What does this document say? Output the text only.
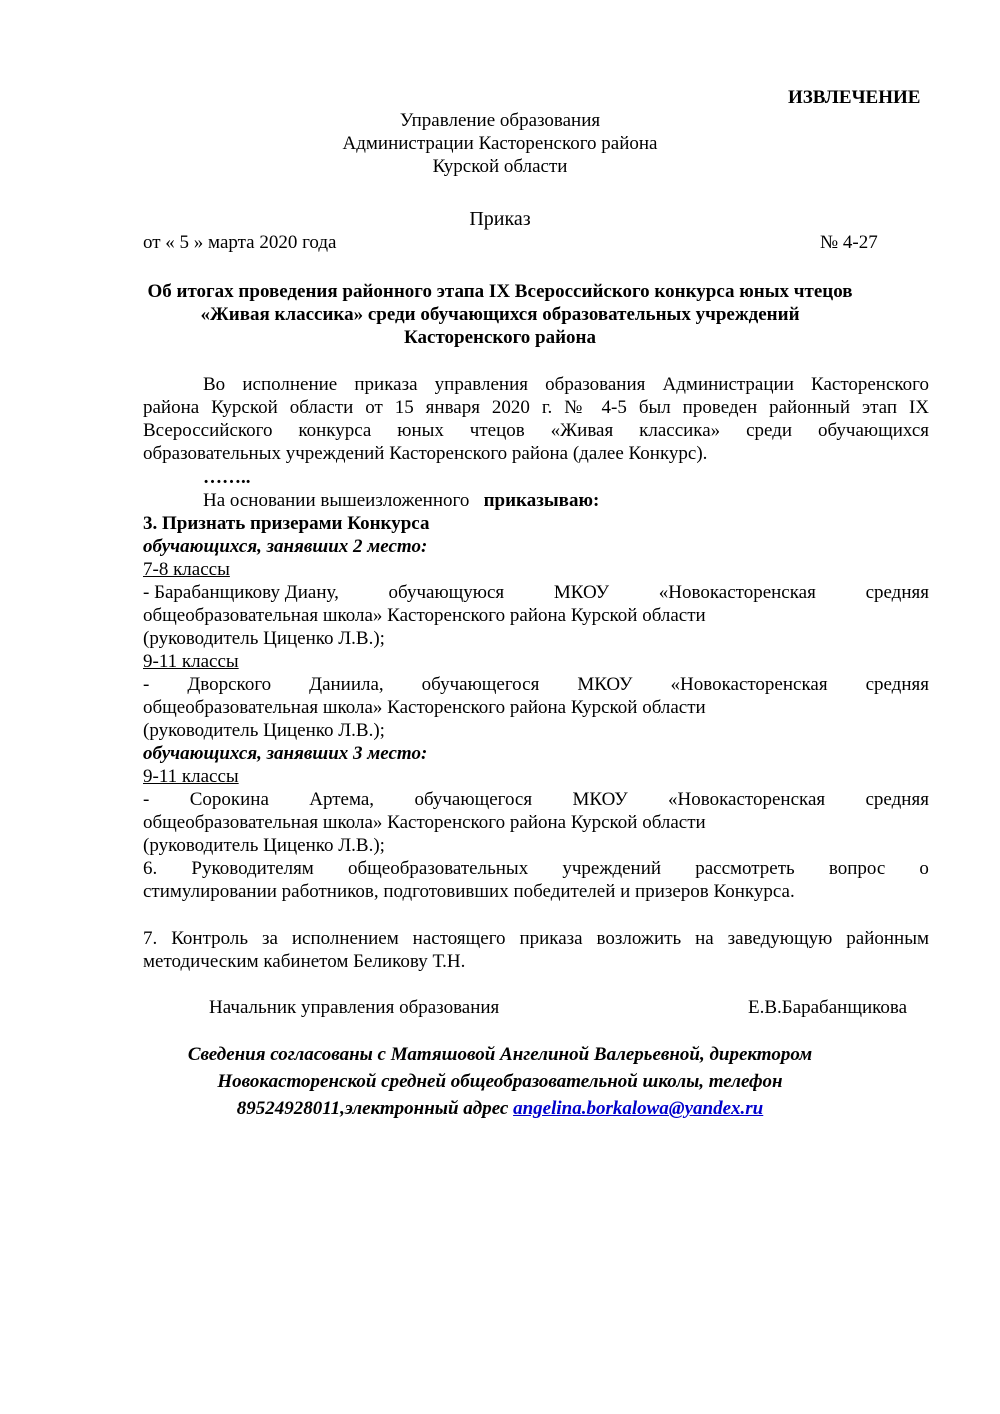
ИЗВЛЕЧЕНИЕ
Управление образования
Администрации Касторенского района
Курской области
Приказ
от « 5 » марта 2020 года	№ 4-27
Об итогах проведения районного этапа IX Всероссийского конкурса юных чтецов
«Живая классика» среди обучающихся образовательных учреждений
Касторенского района
Во исполнение приказа управления образования Администрации Касторенского
района Курской области от 15 января 2020 г. № 4-5 был проведен районный этап IX
Всероссийского конкурса юных чтецов «Живая классика» среди обучающихся
образовательных учреждений Касторенского района (далее Конкурс).
……..
На основании вышеизложенного приказываю:
3. Признать призерами Конкурса
обучающихся, занявших 2 место:
7-8 классы
- Барабанщикову Диану,	обучающуюся	МКОУ	«Новокасторенская	средняя
общеобразовательная школа» Касторенского района Курской области
(руководитель Циценко Л.В.);
9-11 классы
- Дворского Даниила, обучающегося МКОУ «Новокасторенская средняя
общеобразовательная школа» Касторенского района Курской области
(руководитель Циценко Л.В.);
обучающихся, занявших 3 место:
9-11 классы
- Сорокина Артема, обучающегося МКОУ «Новокасторенская средняя
общеобразовательная школа» Касторенского района Курской области
(руководитель Циценко Л.В.);
6. Руководителям общеобразовательных учреждений рассмотреть вопрос о
стимулировании работников, подготовивших победителей и призеров Конкурса.
7. Контроль за исполнением настоящего приказа возложить на заведующую районным
методическим кабинетом Беликову Т.Н.
Начальник управления образования	Е.В.Барабанщикова
Сведения согласованы с Матяшовой Ангелиной Валерьевной, директором
Новокасторенской средней общеобразовательной школы, телефон
89524928011,электронный адрес angelina.borkalowa@yandex.ru
